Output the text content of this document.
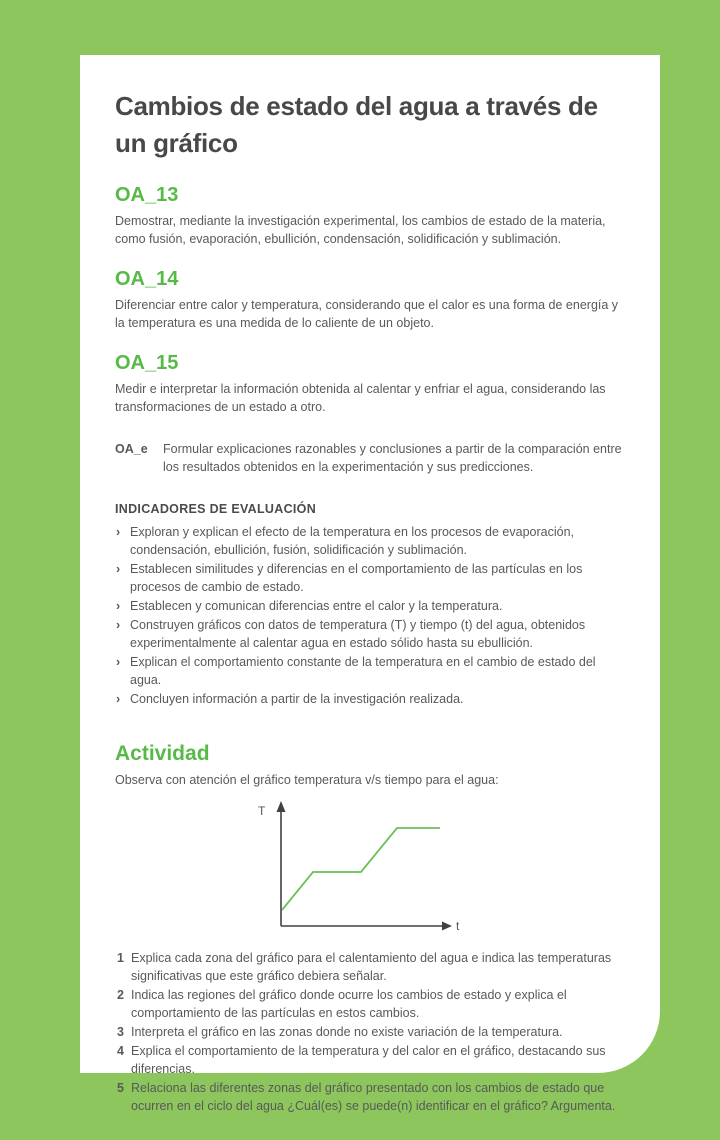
Cambios de estado del agua a través de
un gráfico
OA_13

Demostrar, mediante la investigación experimental, los cambios de estado de la materia, como fusión, evaporación, ebullición, condensación, solidificación y sublimación.

OA_14

Diferenciar entre calor y temperatura, considerando que el calor es una forma de energía y la temperatura es una medida de lo caliente de un objeto.

OA_15

Medir e interpretar la información obtenida al calentar y enfriar el agua, considerando las transformaciones de un estado a otro.

OA_e Formular explicaciones razonables y conclusiones a partir de la comparación entre los resultados obtenidos en la experimentación y sus predicciones.

INDICADORES DE EVALUACIÓN
› Exploran y explican el efecto de la temperatura en los procesos de evaporación, condensación, ebullición, fusión, solidificación y sublimación.
› Establecen similitudes y diferencias en el comportamiento de las partículas en los procesos de cambio de estado.
› Establecen y comunican diferencias entre el calor y la temperatura.
› Construyen gráficos con datos de temperatura (T) y tiempo (t) del agua, obtenidos experimentalmente al calentar agua en estado sólido hasta su ebullición.
› Explican el comportamiento constante de la temperatura en el cambio de estado del agua.
› Concluyen información a partir de la investigación realizada.
Actividad

Observa con atención el gráfico temperatura v/s tiempo para el agua:

T
t
1 Explica cada zona del gráfico para el calentamiento del agua e indica las temperaturas significativas que este gráfico debiera señalar.
2 Indica las regiones del gráfico donde ocurre los cambios de estado y explica el comportamiento de las partículas en estos cambios.
3 Interpreta el gráfico en las zonas donde no existe variación de la temperatura.
4 Explica el comportamiento de la temperatura y del calor en el gráfico, destacando sus diferencias.
5 Relaciona las diferentes zonas del gráfico presentado con los cambios de estado que ocurren en el ciclo del agua ¿Cuál(es) se puede(n) identificar en el gráfico? Argumenta.
